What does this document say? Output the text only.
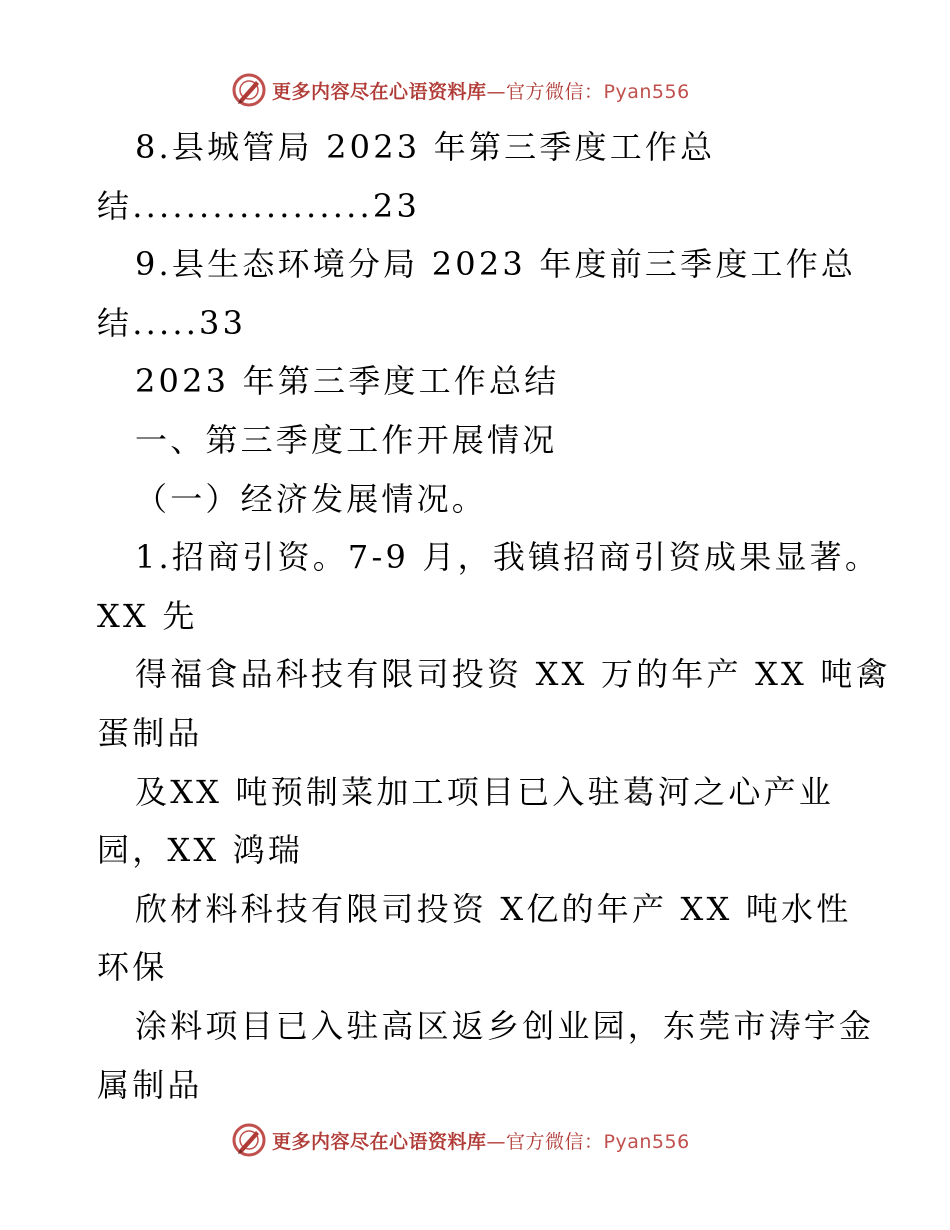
更多内容尽在心语资料库—官方微信：Pyan556
8.县城管局 2023 年第三季度工作总
结..................23
9.县生态环境分局 2023 年度前三季度工作总
结.....33
2023 年第三季度工作总结
一、第三季度工作开展情况
（一）经济发展情况。
1.招商引资。7-9 月，我镇招商引资成果显著。
XX 先
得福食品科技有限司投资 XX 万的年产 XX 吨禽
蛋制品
及XX 吨预制菜加工项目已入驻葛河之心产业
园，XX 鸿瑞
欣材料科技有限司投资 X亿的年产 XX 吨水性
环保
涂料项目已入驻高区返乡创业园，东莞市涛宇金
属制品
更多内容尽在心语资料库—官方微信：Pyan556
